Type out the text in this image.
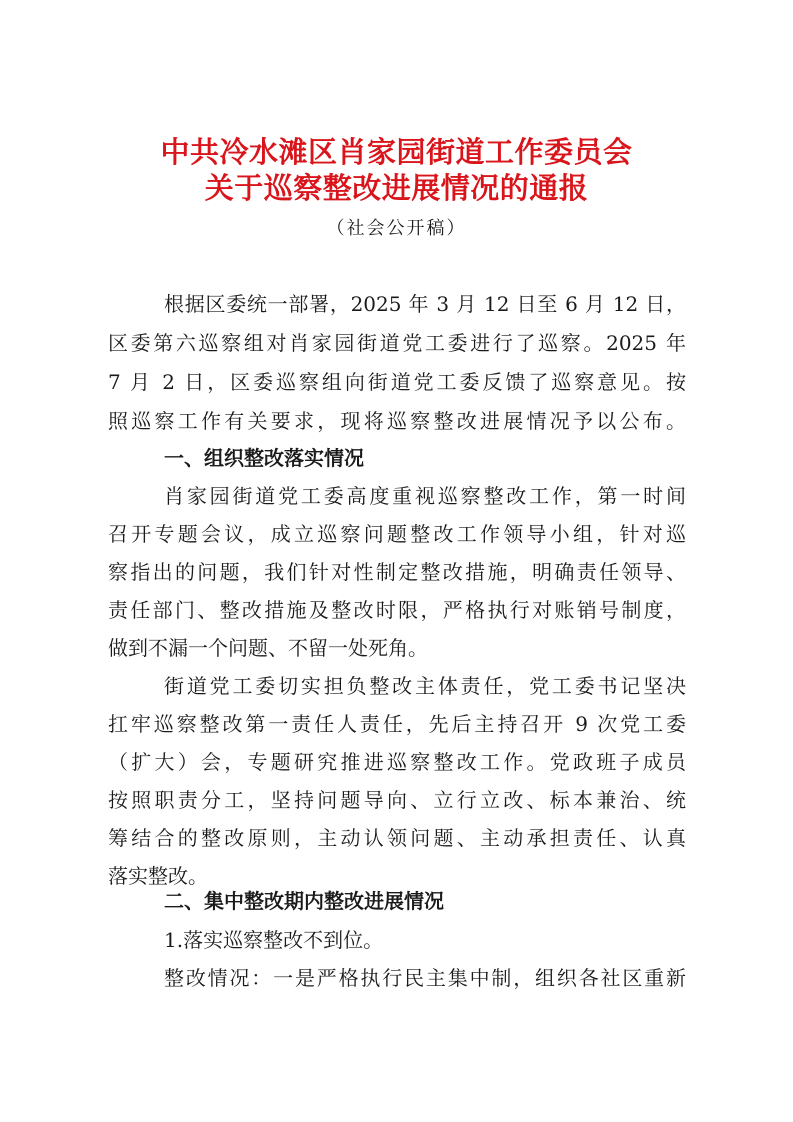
中共冷水滩区肖家园街道工作委员会
关于巡察整改进展情况的通报

（社会公开稿）

根据区委统一部署，2025 年 3 月 12 日至 6 月 12 日，

区委第六巡察组对肖家园街道党工委进行了巡察。2025 年

7 月 2 日，区委巡察组向街道党工委反馈了巡察意见。按

照巡察工作有关要求，现将巡察整改进展情况予以公布。

一、组织整改落实情况

肖家园街道党工委高度重视巡察整改工作，第一时间

召开专题会议，成立巡察问题整改工作领导小组，针对巡

察指出的问题，我们针对性制定整改措施，明确责任领导、

责任部门、整改措施及整改时限，严格执行对账销号制度，

做到不漏一个问题、不留一处死角。

街道党工委切实担负整改主体责任，党工委书记坚决

扛牢巡察整改第一责任人责任，先后主持召开 9 次党工委

（扩大）会，专题研究推进巡察整改工作。党政班子成员

按照职责分工，坚持问题导向、立行立改、标本兼治、统

筹结合的整改原则，主动认领问题、主动承担责任、认真

落实整改。

二、集中整改期内整改进展情况

1.落实巡察整改不到位。

整改情况：一是严格执行民主集中制，组织各社区重新
